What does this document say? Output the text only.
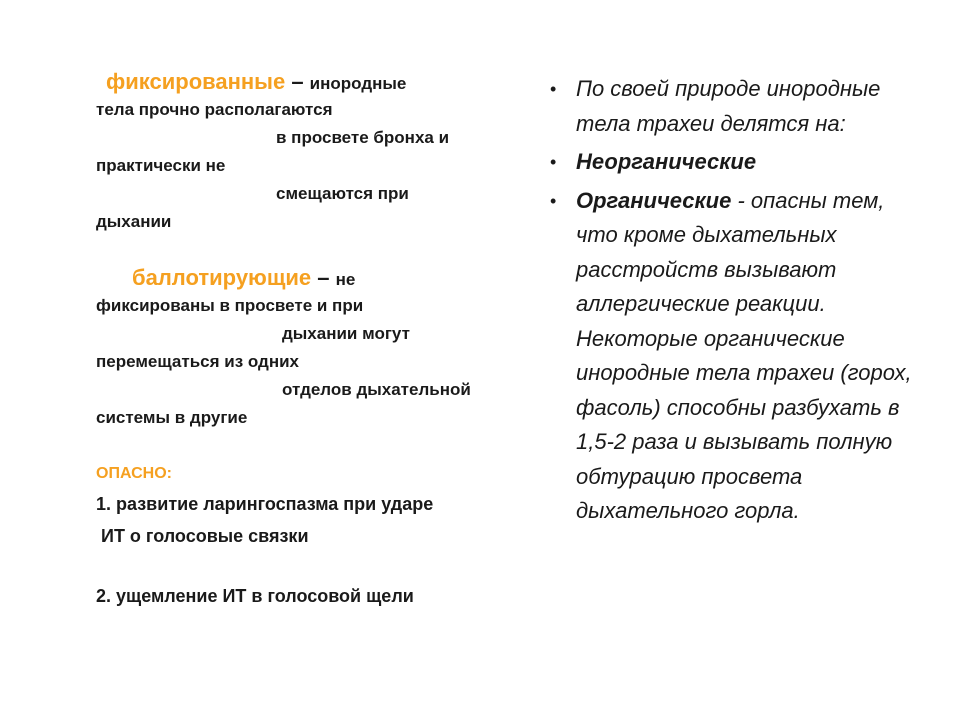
фиксированные – инородные
тела прочно располагаются
в просвете бронха и
практически не
смещаются при
дыхании
баллотирующие – не
фиксированы в просвете и при
дыхании могут
перемещаться из одних
отделов дыхательной
системы в другие
ОПАСНО:
1. развитие ларингоспазма при ударе
ИТ о голосовые связки
2. ущемление ИТ в голосовой щели
• По своей природе инородные тела трахеи делятся на:
• Неорганические
• Органические - опасны тем, что кроме дыхательных расстройств вызывают аллергические реакции. Некоторые органические инородные тела трахеи (горох, фасоль) способны разбухать в 1,5-2 раза и вызывать полную обтурацию просвета дыхательного горла.
